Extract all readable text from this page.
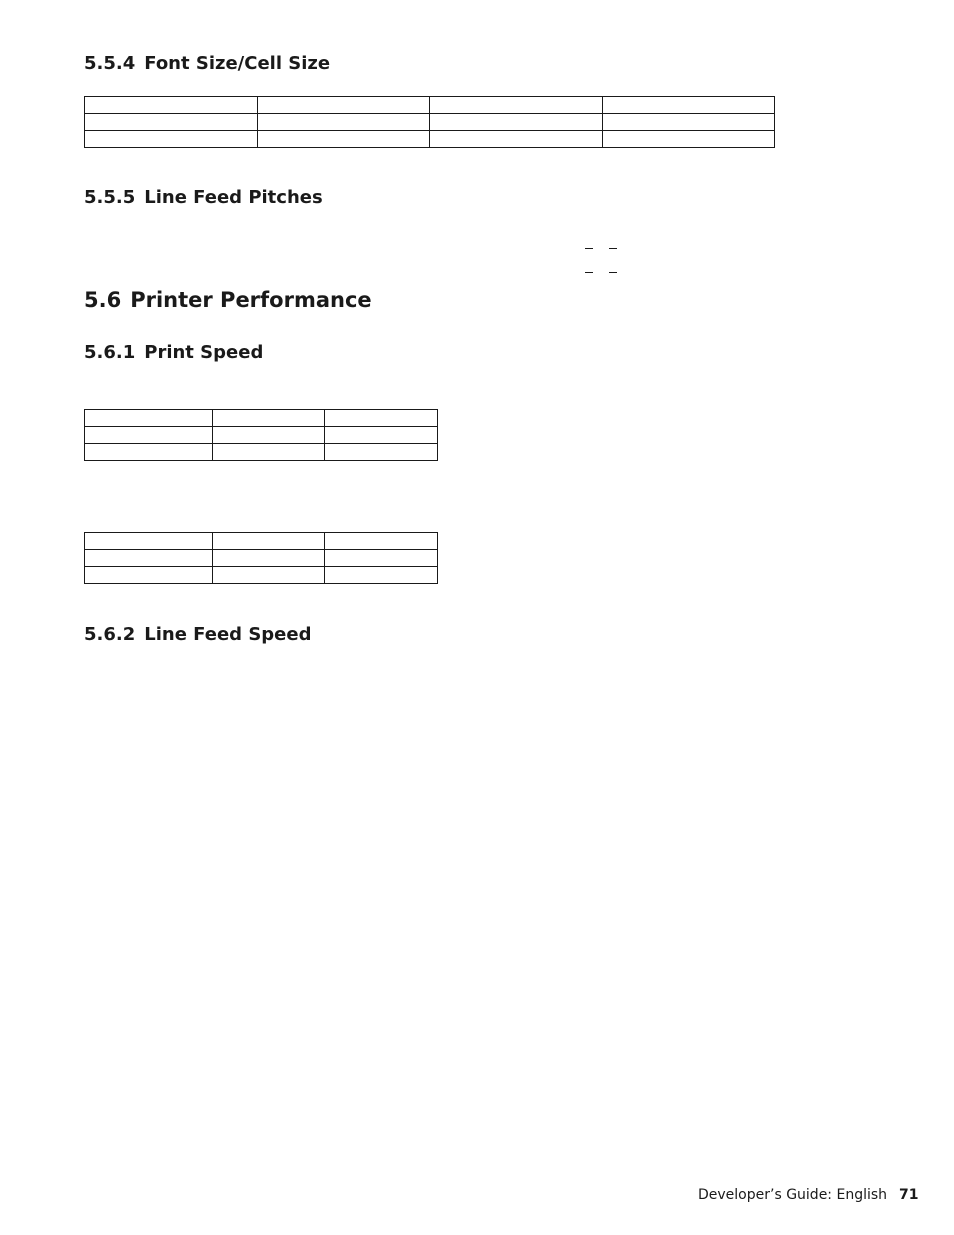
5.5.4 Font Size/Cell Size

5.5.5 Line Feed Pitches
5.6 Printer Performance
5.6.1 Print Speed

5.6.2 Line Feed Speed
Developer’s Guide: English 71
